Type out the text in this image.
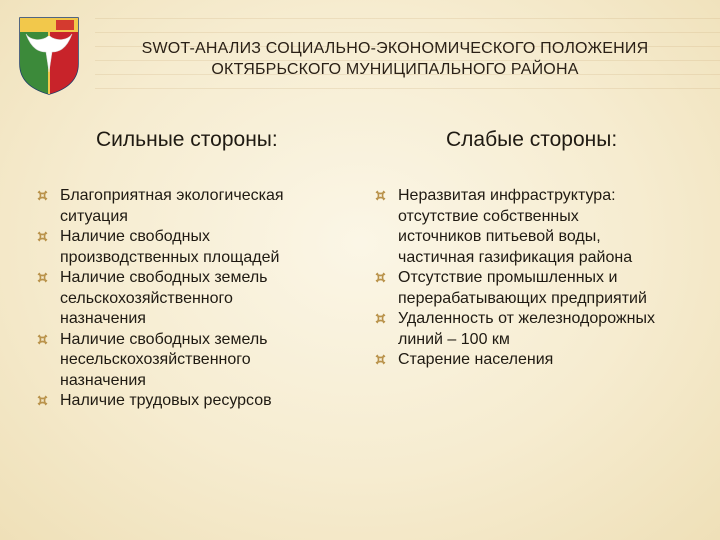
SWOT-АНАЛИЗ СОЦИАЛЬНО-ЭКОНОМИЧЕСКОГО ПОЛОЖЕНИЯ
ОКТЯБРЬСКОГО МУНИЦИПАЛЬНОГО РАЙОНА
Сильные стороны:	Слабые стороны:
Благоприятная экологическая
ситуация
Наличие свободных
производственных площадей
Наличие свободных земель
сельскохозяйственного
назначения
Наличие свободных земель
несельскохозяйственного
назначения
Наличие трудовых ресурсов
Неразвитая инфраструктура:
отсутствие собственных
источников питьевой воды,
частичная газификация района
Отсутствие промышленных и
перерабатывающих предприятий
Удаленность от железнодорожных
линий – 100 км
Старение населения
